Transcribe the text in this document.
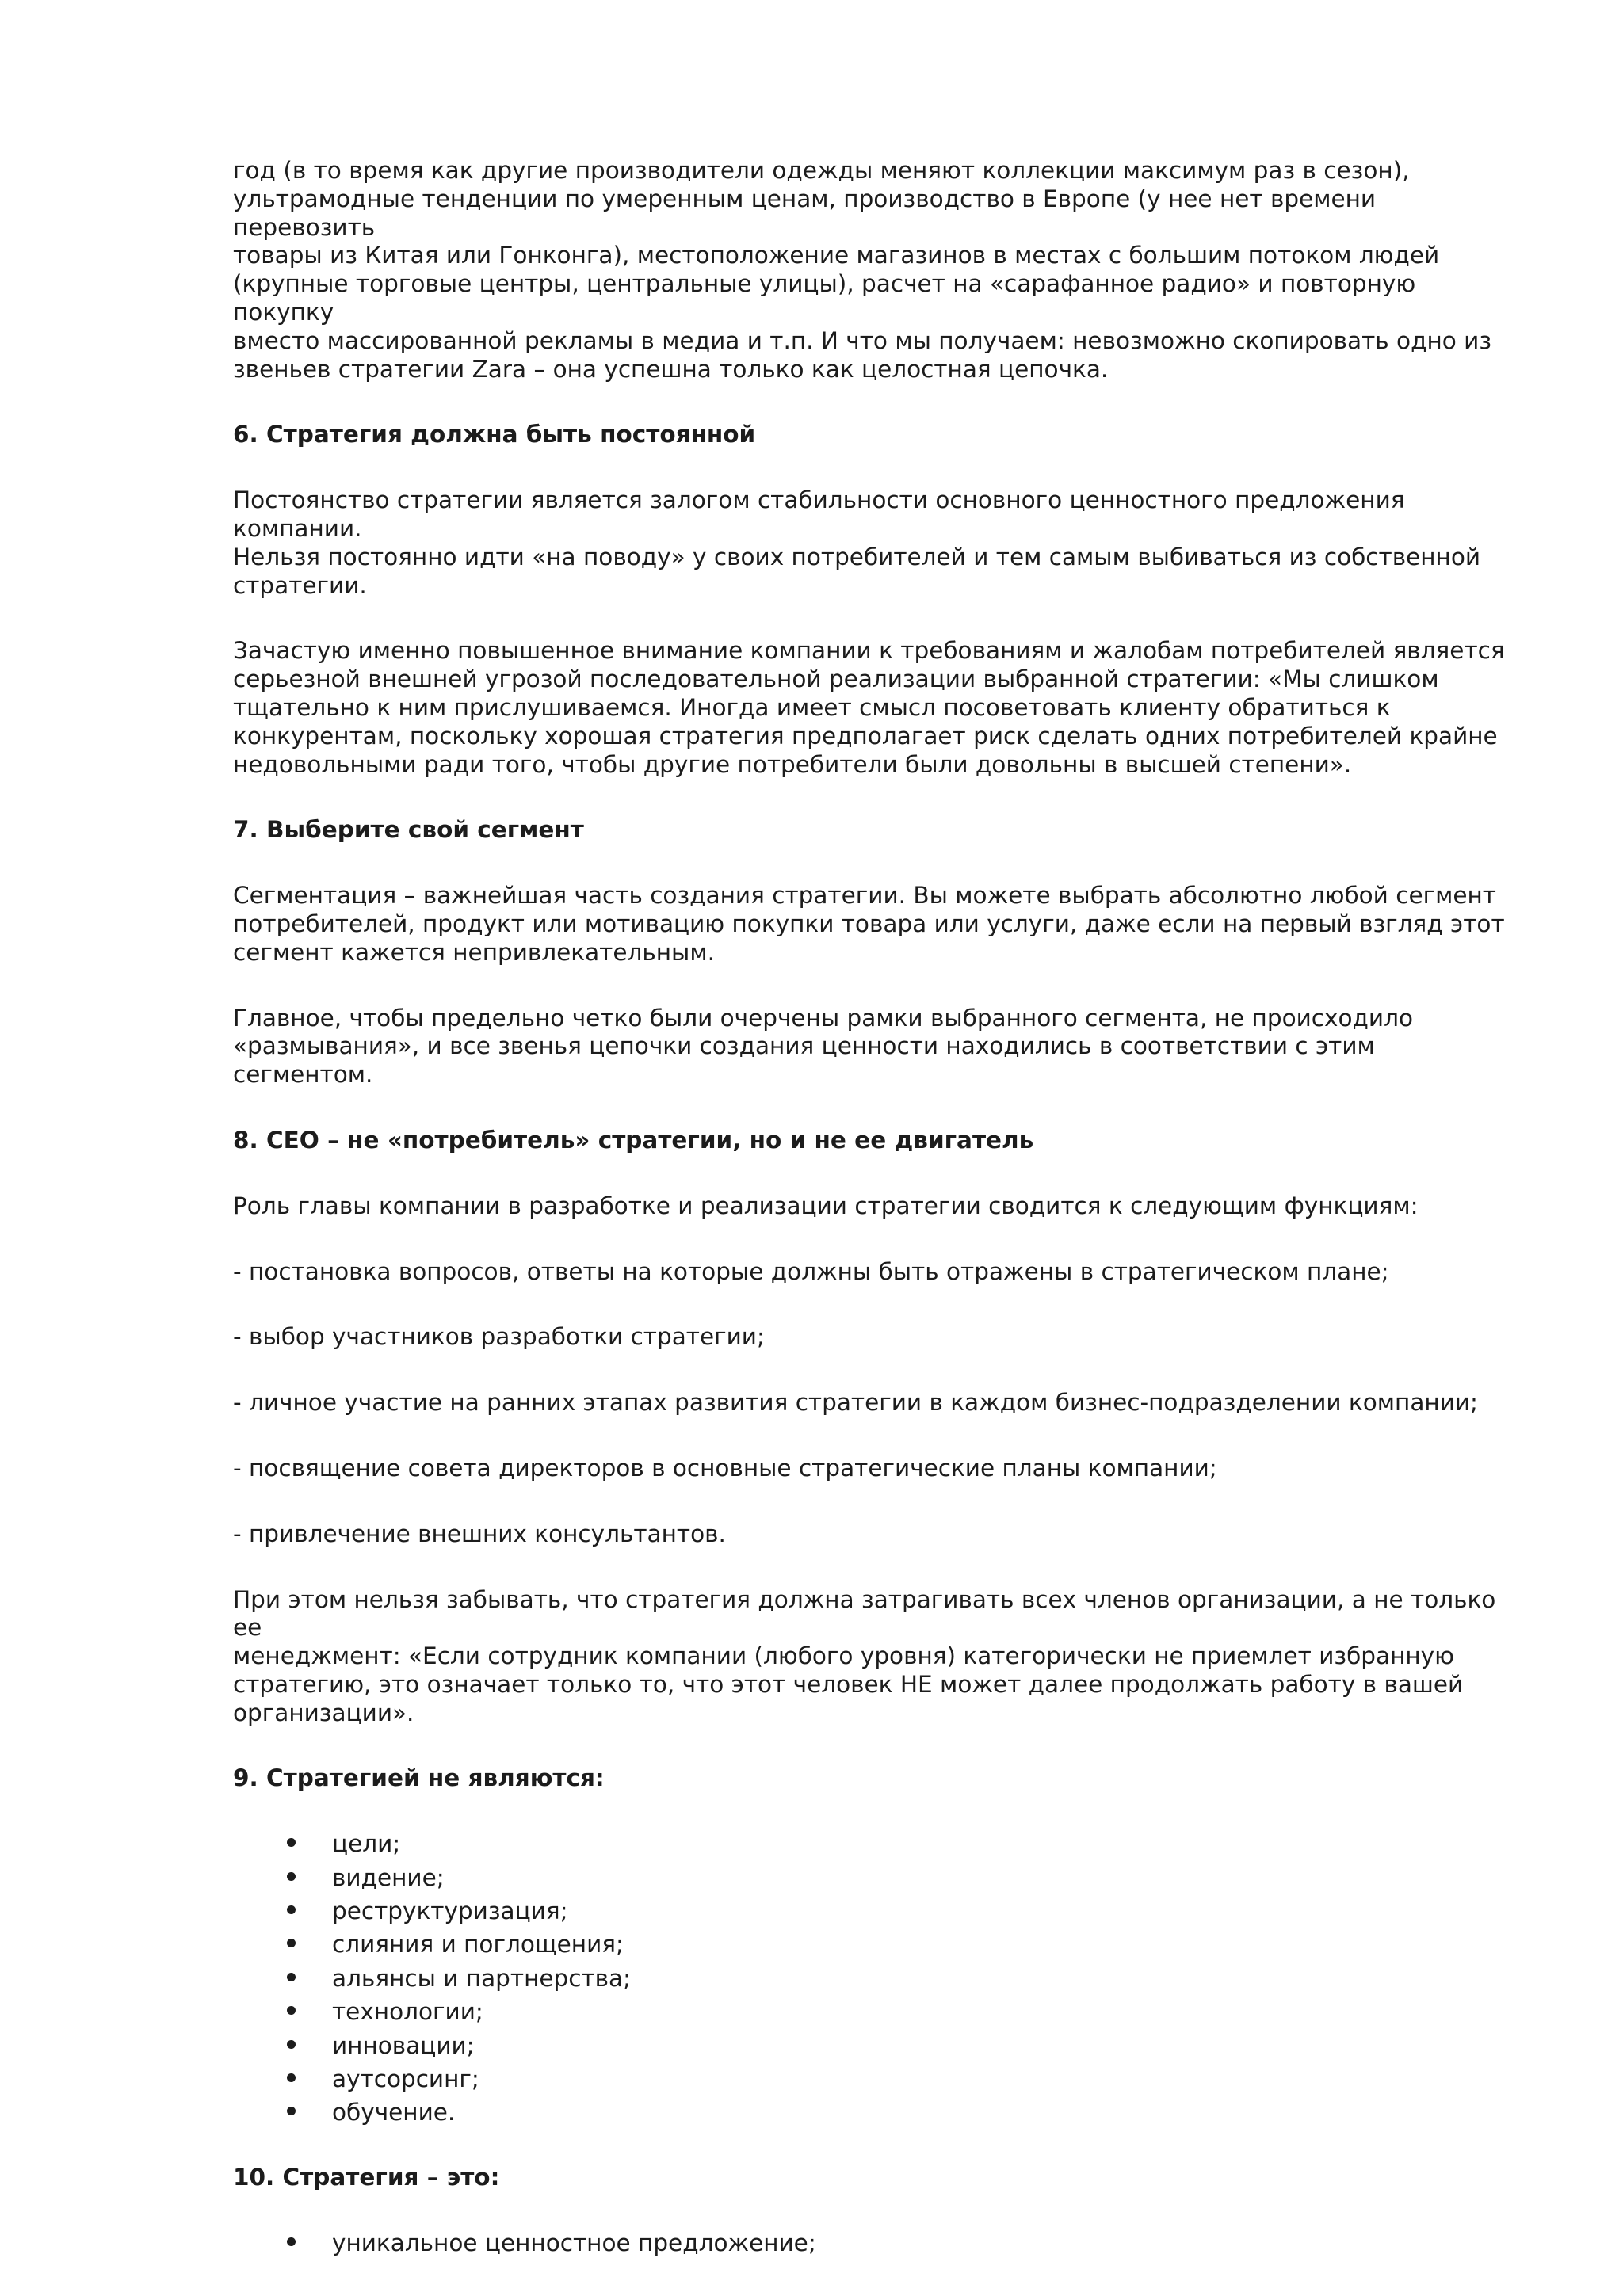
год (в то время как другие производители одежды меняют коллекции максимум раз в сезон),

ультрамодные тенденции по умеренным ценам, производство в Европе (у нее нет времени перевозить

товары из Китая или Гонконга), местоположение магазинов в местах с большим потоком людей

(крупные торговые центры, центральные улицы), расчет на «сарафанное радио» и повторную покупку

вместо массированной рекламы в медиа и т.п. И что мы получаем: невозможно скопировать одно из

звеньев стратегии Zara – она успешна только как целостная цепочка.

6. Стратегия должна быть постоянной

Постоянство стратегии является залогом стабильности основного ценностного предложения компании.

Нельзя постоянно идти «на поводу» у своих потребителей и тем самым выбиваться из собственной

стратегии.

Зачастую именно повышенное внимание компании к требованиям и жалобам потребителей является

серьезной внешней угрозой последовательной реализации выбранной стратегии: «Мы слишком

тщательно к ним прислушиваемся. Иногда имеет смысл посоветовать клиенту обратиться к

конкурентам, поскольку хорошая стратегия предполагает риск сделать одних потребителей крайне

недовольными ради того, чтобы другие потребители были довольны в высшей степени».

7. Выберите свой сегмент

Сегментация – важнейшая часть создания стратегии. Вы можете выбрать абсолютно любой сегмент

потребителей, продукт или мотивацию покупки товара или услуги, даже если на первый взгляд этот

сегмент кажется непривлекательным.

Главное, чтобы предельно четко были очерчены рамки выбранного сегмента, не происходило

«размывания», и все звенья цепочки создания ценности находились в соответствии с этим сегментом.

8. CEO – не «потребитель» стратегии, но и не ее двигатель

Роль главы компании в разработке и реализации стратегии сводится к следующим функциям:

- постановка вопросов, ответы на которые должны быть отражены в стратегическом плане;

- выбор участников разработки стратегии;

- личное участие на ранних этапах развития стратегии в каждом бизнес-подразделении компании;

- посвящение совета директоров в основные стратегические планы компании;

- привлечение внешних консультантов.

При этом нельзя забывать, что стратегия должна затрагивать всех членов организации, а не только ее

менеджмент: «Если сотрудник компании (любого уровня) категорически не приемлет избранную

стратегию, это означает только то, что этот человек НЕ может далее продолжать работу в вашей

организации».

9. Стратегией не являются:

цели;
видение;
реструктуризация;
слияния и поглощения;
альянсы и партнерства;
технологии;
инновации;
аутсорсинг;
обучение.

10. Стратегия – это:

уникальное ценностное предложение;
